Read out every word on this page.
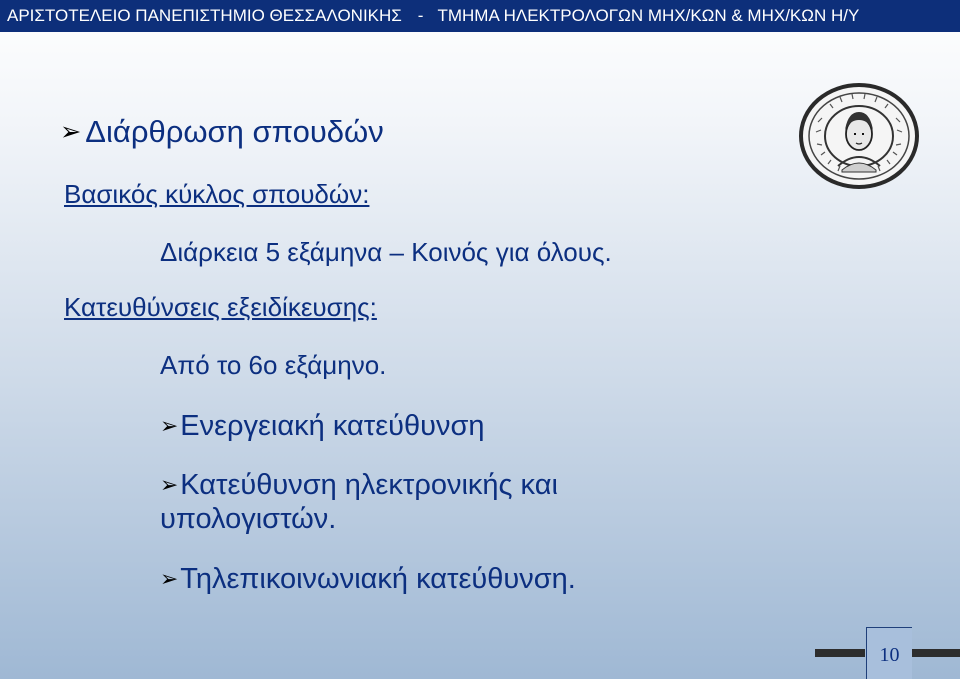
ΑΡΙΣΤΟΤΕΛΕΙΟ ΠΑΝΕΠΙΣΤΗΜΙΟ ΘΕΣΣΑΛΟΝΙΚΗΣ - ΤΜΗΜΑ ΗΛΕΚΤΡΟΛΟΓΩΝ ΜΗΧ/ΚΩΝ & ΜΗΧ/ΚΩΝ Η/Υ
➢ Διάρθρωση σπουδών
Βασικός κύκλος σπουδών:
Διάρκεια 5 εξάμηνα – Κοινός για όλους.
Κατευθύνσεις εξειδίκευσης:
Από το 6ο εξάμηνο.
➢Ενεργειακή κατεύθυνση
➢Κατεύθυνση ηλεκτρονικής και υπολογιστών.
➢Τηλεπικοινωνιακή κατεύθυνση.
10
